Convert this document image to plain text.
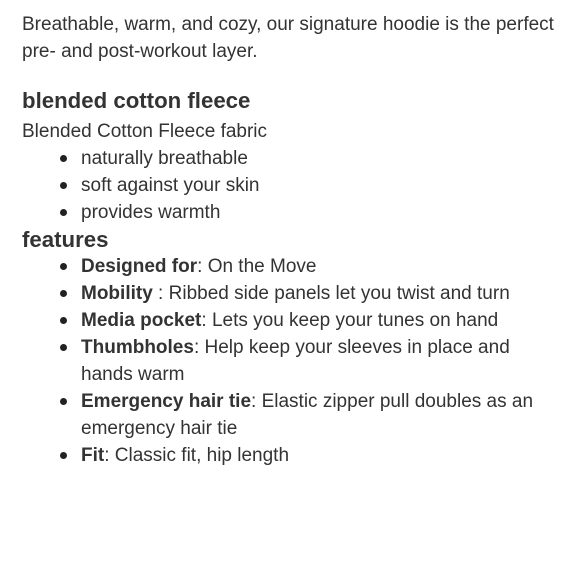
Breathable, warm, and cozy, our signature hoodie is the perfect pre- and post-workout layer.

blended cotton fleece

Blended Cotton Fleece fabric

naturally breathable
soft against your skin
provides warmth
features
Designed for: On the Move
Mobility : Ribbed side panels let you twist and turn
Media pocket: Lets you keep your tunes on hand
Thumbholes: Help keep your sleeves in place and hands warm
Emergency hair tie: Elastic zipper pull doubles as an emergency hair tie
Fit: Classic fit, hip length
